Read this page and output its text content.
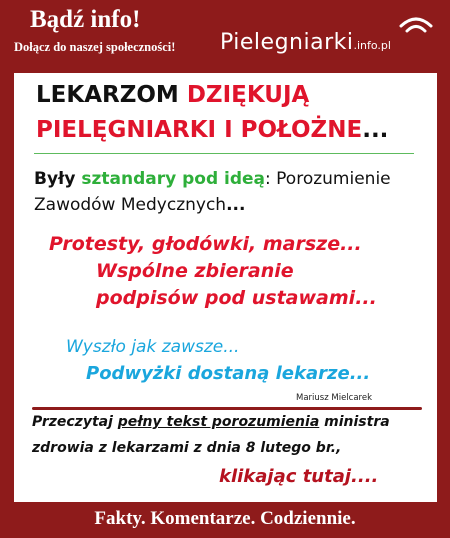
Bądź info!
Dołącz do naszej społeczności! Pielegniarki.info.pl
LEKARZOM DZIĘKUJĄ
PIELĘGNIARKI I POŁOŻNE...
Były sztandary pod ideą: Porozumienie
Zawodów Medycznych...
Protesty, głodówki, marsze...
Wspólne zbieranie
podpisów pod ustawami...
Wyszło jak zawsze...
Podwyżki dostaną lekarze...
Mariusz Mielcarek
Przeczytaj pełny tekst porozumienia ministra
zdrowia z lekarzami z dnia 8 lutego br.,
klikając tutaj....
Fakty. Komentarze. Codziennie.
